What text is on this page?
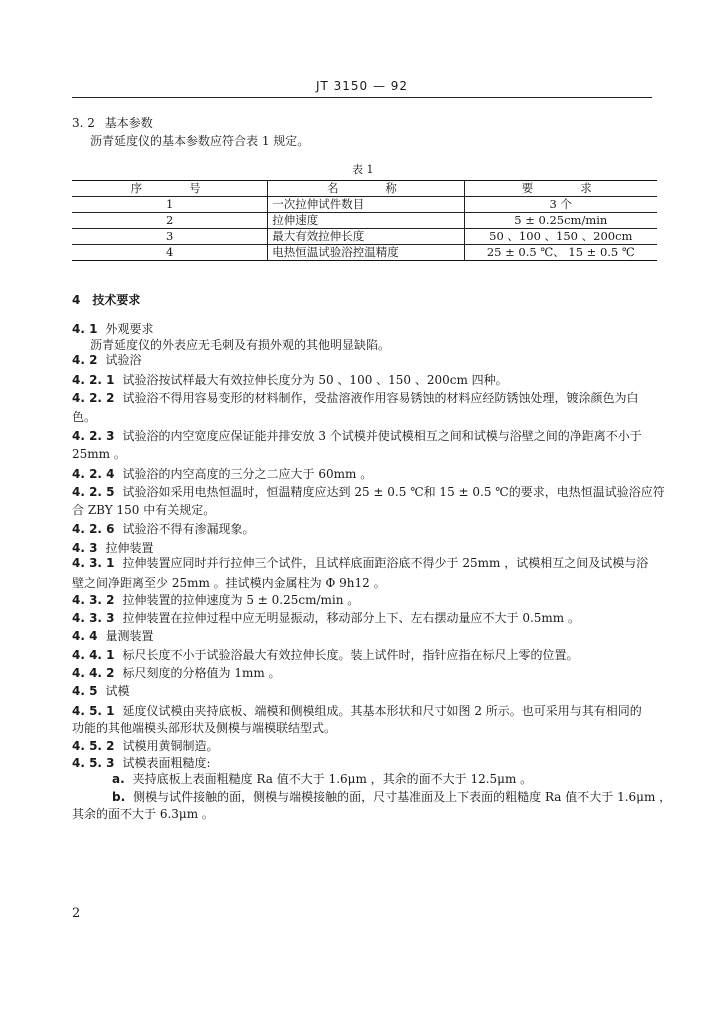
JT 3150 — 92
3. 2 基本参数
沥青延度仪的基本参数应符合表 1 规定。
表 1
序　　号	名　　称	要　　求
1	一次拉伸试件数目	3 个
2	拉伸速度	5 ± 0.25cm/min
3	最大有效拉伸长度	50 、100 、150 、200cm
4	电热恒温试验浴控温精度	25 ± 0.5 ℃、 15 ± 0.5 ℃
4　技术要求
4. 1 外观要求
沥青延度仪的外表应无毛刺及有损外观的其他明显缺陷。
4. 2 试验浴
4. 2. 1 试验浴按试样最大有效拉伸长度分为 50 、100 、150 、200cm 四种。
4. 2. 2 试验浴不得用容易变形的材料制作，受盐溶液作用容易锈蚀的材料应经防锈蚀处理，镀涂颜色为白
色。
4. 2. 3 试验浴的内空宽度应保证能并排安放 3 个试模并使试模相互之间和试模与浴壁之间的净距离不小于
25mm 。
4. 2. 4 试验浴的内空高度的三分之二应大于 60mm 。
4. 2. 5 试验浴如采用电热恒温时，恒温精度应达到 25 ± 0.5 ℃和 15 ± 0.5 ℃的要求，电热恒温试验浴应符
合 ZBY 150 中有关规定。
4. 2. 6 试验浴不得有渗漏现象。
4. 3 拉伸装置
4. 3. 1 拉伸装置应同时并行拉伸三个试件，且试样底面距浴底不得少于 25mm ，试模相互之间及试模与浴
壁之间净距离至少 25mm 。挂试模内金属柱为 Φ 9h12 。
4. 3. 2 拉伸装置的拉伸速度为 5 ± 0.25cm/min 。
4. 3. 3 拉伸装置在拉伸过程中应无明显振动，移动部分上下、左右摆动量应不大于 0.5mm 。
4. 4 量测装置
4. 4. 1 标尺长度不小于试验浴最大有效拉伸长度。装上试件时，指针应指在标尺上零的位置。
4. 4. 2 标尺刻度的分格值为 1mm 。
4. 5 试模
4. 5. 1 延度仪试模由夹持底板、端模和侧模组成。其基本形状和尺寸如图 2 所示。也可采用与其有相同的
功能的其他端模头部形状及侧模与端模联结型式。
4. 5. 2 试模用黄铜制造。
4. 5. 3 试模表面粗糙度:
a. 夹持底板上表面粗糙度 Ra 值不大于 1.6μm ，其余的面不大于 12.5μm 。
b. 侧模与试件接触的面，侧模与端模接触的面，尺寸基准面及上下表面的粗糙度 Ra 值不大于 1.6μm ，
其余的面不大于 6.3μm 。
2
